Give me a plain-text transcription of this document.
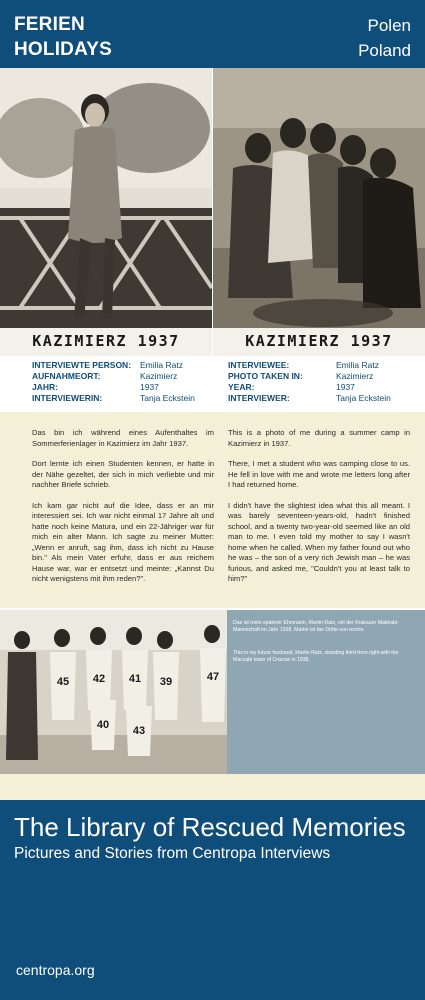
FERIEN
HOLIDAYS
Polen
Poland
KAZIMIERZ 1937	KAZIMIERZ 1937
INTERVIEWTE PERSON:	Emilia Ratz
AUFNAHMEORT:	Kazimierz
JAHR:	1937
INTERVIEWERIN:	Tanja Eckstein
INTERVIEWEE:	Emilia Ratz
PHOTO TAKEN IN:	Kazimierz
YEAR:	1937
INTERVIEWER:	Tanja Eckstein

Das bin ich während eines Aufenthaltes im Sommerferienlager in Kazimierz im Jahr 1937.

Dort lernte ich einen Studenten kennen, er hatte in der Nähe gezeltet, der sich in mich verliebte und mir nachher Briefe schrieb.

Ich kam gar nicht auf die Idee, dass er an mir interessiert sei. Ich war nicht einmal 17 Jahre alt und hatte noch keine Matura, und ein 22-Jähriger war für mich ein alter Mann. Ich sagte zu meiner Mutter: „Wenn er anruft, sag ihm, dass ich nicht zu Hause bin." Als mein Vater erfuhr, dass er aus reichem Hause war, war er entsetzt und meinte: „Kannst Du nicht wenigstens mit ihm reden?".

This is a photo of me during a summer camp in Kazimierz in 1937.

There, I met a student who was camping close to us. He fell in love with me and wrote me letters long after I had returned home.

I didn't have the slightest idea what this all meant. I was barely seventeen-years-old, hadn't finished school, and a twenty two-year-old seemed like an old man to me. I even told my mother to say I wasn't home when he called. When my father found out who he was – the son of a very rich Jewish man – he was furious, and asked me, "Couldn't you at least talk to him?"

45 42 41 39	47
40 43
Das ist mein späterer Ehemann, Martin Ratz, mit der Krakauer Makkabi-Mannschaft im Jahr 1938. Martin ist der Dritte von rechts.
This is my future husband, Martin Ratz, standing third from right with the Maccabi team of Cracow in 1938.
The Library of Rescued Memories
Pictures and Stories from Centropa Interviews
centropa.org
